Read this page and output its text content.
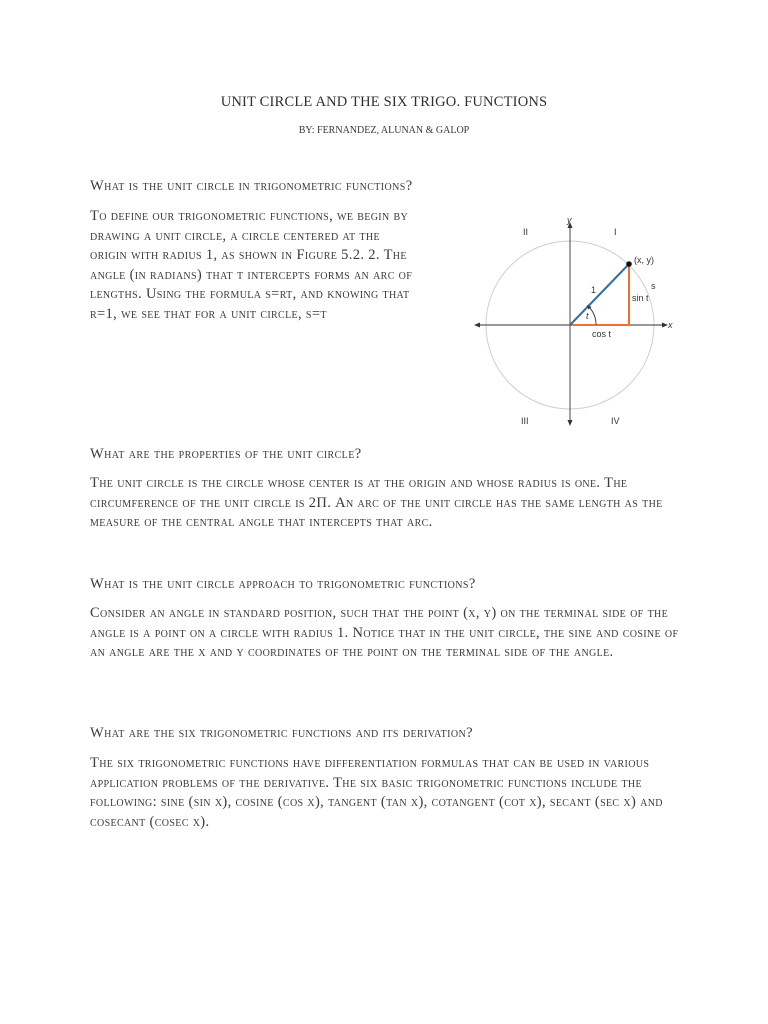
UNIT CIRCLE AND THE SIX TRIGO. FUNCTIONS
BY: FERNANDEZ, ALUNAN & GALOP
What is the unit circle in trigonometric functions?
To define our trigonometric functions, we begin by drawing a unit circle, a circle centered at the origin with radius 1, as shown in Figure 5.2. 2. The angle (in radians) that t intercepts forms an arc of lengths. Using the formula s=rt, and knowing that r=1, we see that for a unit circle, s=t
y
x
II	I
III	IV
(x, y)
1
t
s
sin t
cos t
What are the properties of the unit circle?
The unit circle is the circle whose center is at the origin and whose radius is one. The circumference of the unit circle is 2Π. An arc of the unit circle has the same length as the measure of the central angle that intercepts that arc.
What is the unit circle approach to trigonometric functions?
Consider an angle in standard position, such that the point (x, y) on the terminal side of the angle is a point on a circle with radius 1. Notice that in the unit circle, the sine and cosine of an angle are the x and y coordinates of the point on the terminal side of the angle.
What are the six trigonometric functions and its derivation?
The six trigonometric functions have differentiation formulas that can be used in various application problems of the derivative. The six basic trigonometric functions include the following: sine (sin x), cosine (cos x), tangent (tan x), cotangent (cot x), secant (sec x) and cosecant (cosec x).
